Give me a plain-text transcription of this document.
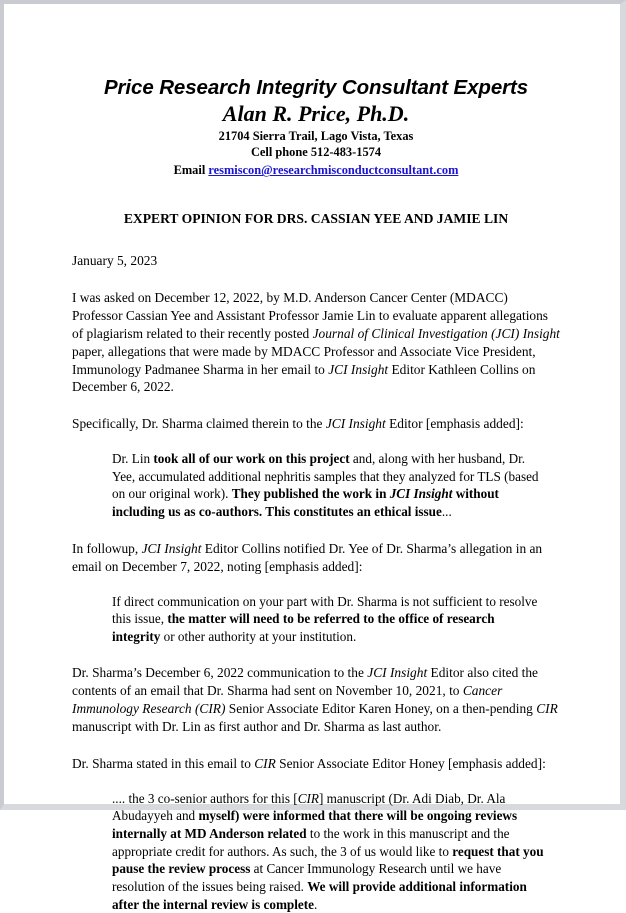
Price Research Integrity Consultant Experts
Alan R. Price, Ph.D.
21704 Sierra Trail, Lago Vista, Texas
Cell phone 512-483-1574
Email resmiscon@researchmisconductconsultant.com
EXPERT OPINION FOR DRS. CASSIAN YEE AND JAMIE LIN
January 5, 2023

I was asked on December 12, 2022, by M.D. Anderson Cancer Center (MDACC) Professor Cassian Yee and Assistant Professor Jamie Lin to evaluate apparent allegations of plagiarism related to their recently posted Journal of Clinical Investigation (JCI) Insight paper, allegations that were made by MDACC Professor and Associate Vice President, Immunology Padmanee Sharma in her email to JCI Insight Editor Kathleen Collins on December 6, 2022.

Specifically, Dr. Sharma claimed therein to the JCI Insight Editor [emphasis added]:

Dr. Lin took all of our work on this project and, along with her husband, Dr. Yee, accumulated additional nephritis samples that they analyzed for TLS (based on our original work). They published the work in JCI Insight without including us as co-authors. This constitutes an ethical issue...

In followup, JCI Insight Editor Collins notified Dr. Yee of Dr. Sharma’s allegation in an email on December 7, 2022, noting [emphasis added]:

If direct communication on your part with Dr. Sharma is not sufficient to resolve this issue, the matter will need to be referred to the office of research integrity or other authority at your institution.

Dr. Sharma’s December 6, 2022 communication to the JCI Insight Editor also cited the contents of an email that Dr. Sharma had sent on November 10, 2021, to Cancer Immunology Research (CIR) Senior Associate Editor Karen Honey, on a then-pending CIR manuscript with Dr. Lin as first author and Dr. Sharma as last author.

Dr. Sharma stated in this email to CIR Senior Associate Editor Honey [emphasis added]:

.... the 3 co-senior authors for this [CIR] manuscript (Dr. Adi Diab, Dr. Ala Abudayyeh and myself) were informed that there will be ongoing reviews internally at MD Anderson related to the work in this manuscript and the appropriate credit for authors. As such, the 3 of us would like to request that you pause the review process at Cancer Immunology Research until we have resolution of the issues being raised. We will provide additional information after the internal review is complete.
